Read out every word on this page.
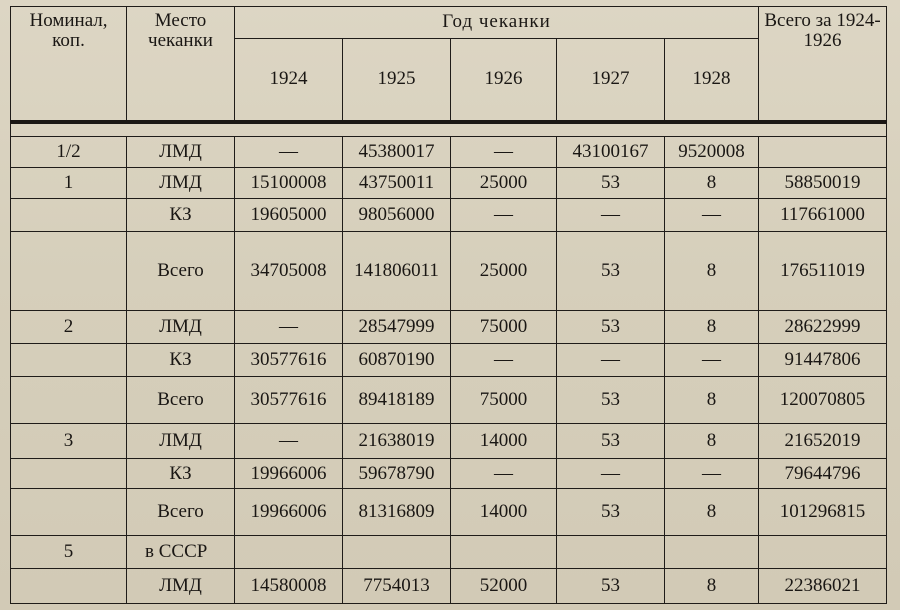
Номинал, коп.	Место чеканки	Год чеканки					Всего за 1924-1926
		1924	1925	1926	1927	1928	

1/2	ЛМД	—	45380017	—	43100167	9520008	
1	ЛМД	15100008	43750011	25000	53	8	58850019
	КЗ	19605000	98056000	—	—	—	117661000
	Всего	34705008	141806011	25000	53	8	176511019
2	ЛМД	—	28547999	75000	53	8	28622999
	КЗ	30577616	60870190	—	—	—	91447806
	Всего	30577616	89418189	75000	53	8	120070805
3	ЛМД	—	21638019	14000	53	8	21652019
	КЗ	19966006	59678790	—	—	—	79644796
	Всего	19966006	81316809	14000	53	8	101296815
5	в СССР						
	ЛМД	14580008	7754013	52000	53	8	22386021
